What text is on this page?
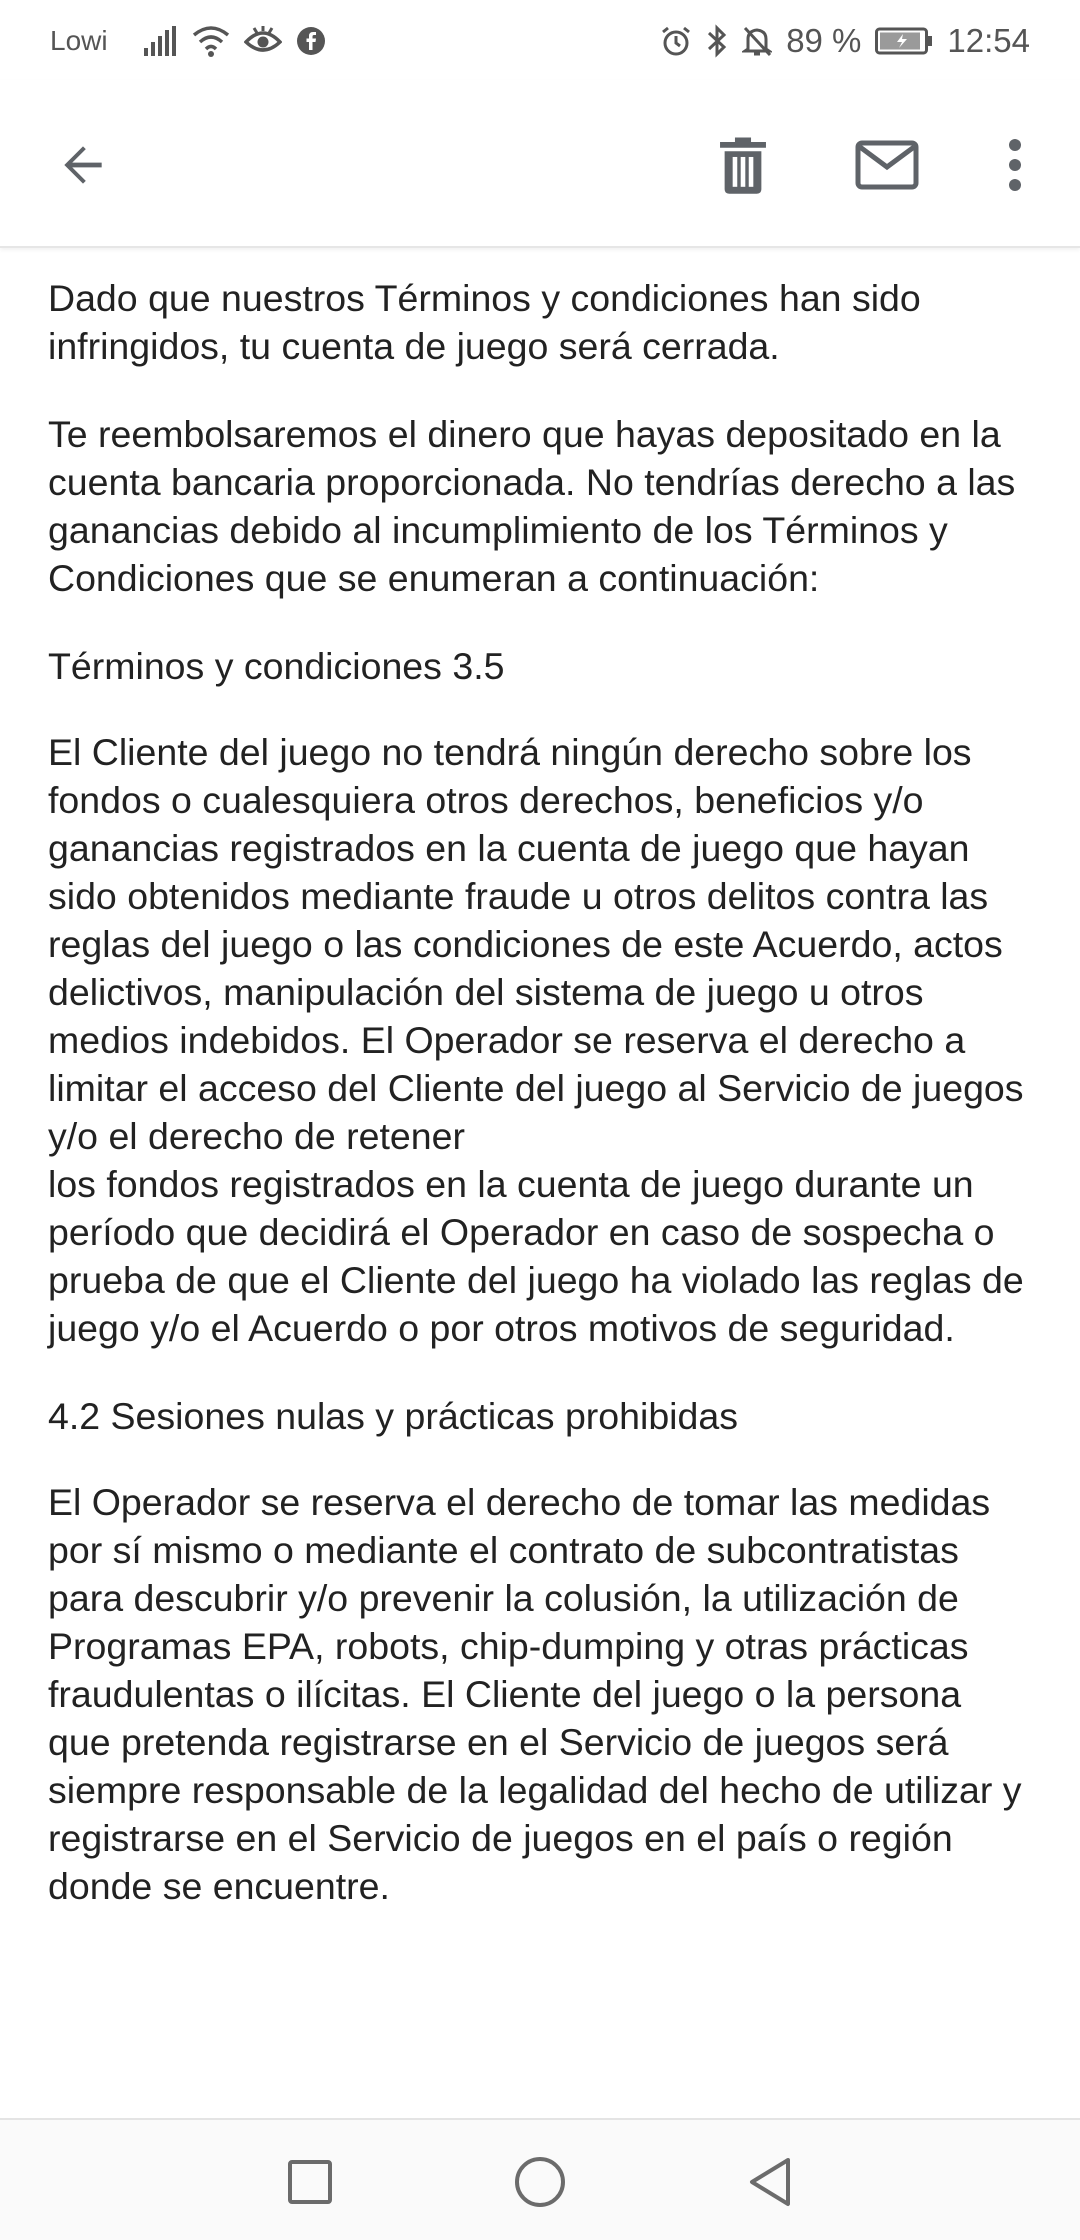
Lowi	89 %	12:54

Dado que nuestros Términos y condiciones han sido infringidos, tu cuenta de juego será cerrada.

Te reembolsaremos el dinero que hayas depositado en la cuenta bancaria proporcionada. No tendrías derecho a las ganancias debido al incumplimiento de los Términos y Condiciones que se enumeran a continuación:

Términos y condiciones 3.5

El Cliente del juego no tendrá ningún derecho sobre los fondos o cualesquiera otros derechos, beneficios y/o ganancias registrados en la cuenta de juego que hayan sido obtenidos mediante fraude u otros delitos contra las reglas del juego o las condiciones de este Acuerdo, actos delictivos, manipulación del sistema de juego u otros medios indebidos. El Operador se reserva el derecho a limitar el acceso del Cliente del juego al Servicio de juegos y/o el derecho de retener
los fondos registrados en la cuenta de juego durante un período que decidirá el Operador en caso de sospecha o prueba de que el Cliente del juego ha violado las reglas de juego y/o el Acuerdo o por otros motivos de seguridad.

4.2 Sesiones nulas y prácticas prohibidas

El Operador se reserva el derecho de tomar las medidas por sí mismo o mediante el contrato de subcontratistas para descubrir y/o prevenir la colusión, la utilización de Programas EPA, robots, chip-dumping y otras prácticas fraudulentas o ilícitas. El Cliente del juego o la persona que pretenda registrarse en el Servicio de juegos será siempre responsable de la legalidad del hecho de utilizar y registrarse en el Servicio de juegos en el país o región donde se encuentre.
